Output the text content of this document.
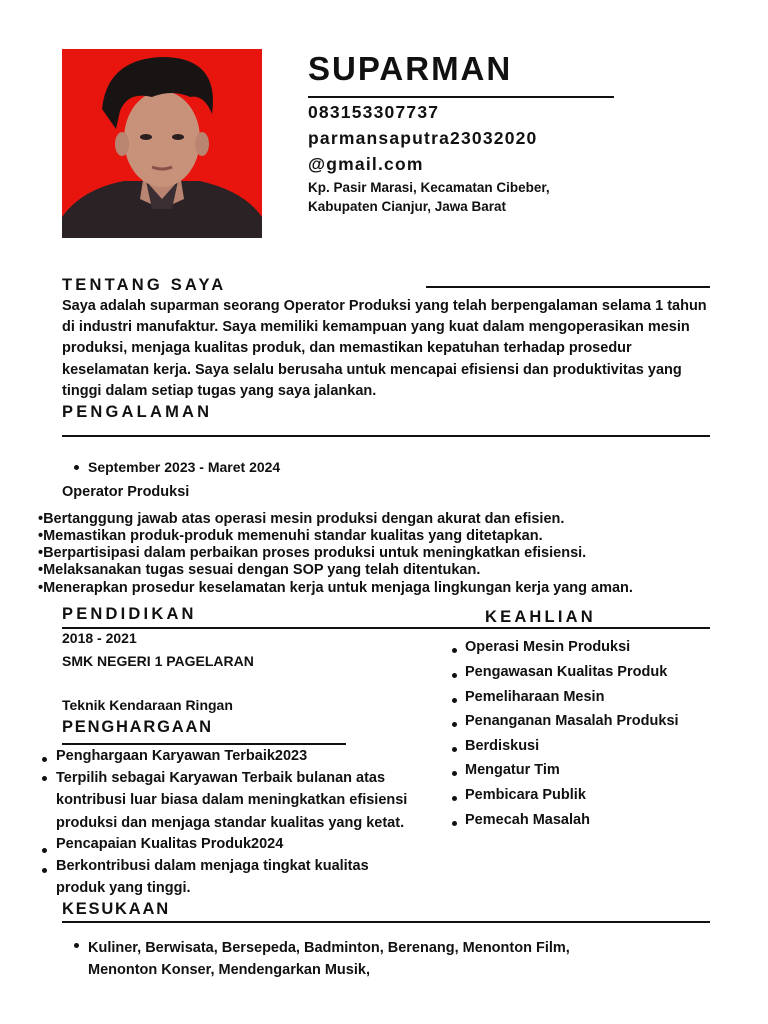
SUPARMAN
083153307737
parmansaputra23032020
@gmail.com
Kp. Pasir Marasi, Kecamatan Cibeber,
Kabupaten Cianjur, Jawa Barat
TENTANG SAYA
Saya adalah suparman seorang Operator Produksi yang telah berpengalaman selama 1 tahun di industri manufaktur. Saya memiliki kemampuan yang kuat dalam mengoperasikan mesin produksi, menjaga kualitas produk, dan memastikan kepatuhan terhadap prosedur keselamatan kerja. Saya selalu berusaha untuk mencapai efisiensi dan produktivitas yang tinggi dalam setiap tugas yang saya jalankan.
PENGALAMAN
September 2023 - Maret 2024
Operator Produksi
•Bertanggung jawab atas operasi mesin produksi dengan akurat dan efisien.
•Memastikan produk-produk memenuhi standar kualitas yang ditetapkan.
•Berpartisipasi dalam perbaikan proses produksi untuk meningkatkan efisiensi.
•Melaksanakan tugas sesuai dengan SOP yang telah ditentukan.
•Menerapkan prosedur keselamatan kerja untuk menjaga lingkungan kerja yang aman.
PENDIDIKAN
2018 - 2021
SMK NEGERI 1 PAGELARAN
Teknik Kendaraan Ringan
KEAHLIAN
Operasi Mesin Produksi
Pengawasan Kualitas Produk
Pemeliharaan Mesin
Penanganan Masalah Produksi
Berdiskusi
Mengatur Tim
Pembicara Publik
Pemecah Masalah
PENGHARGAAN
Penghargaan Karyawan Terbaik2023
Terpilih sebagai Karyawan Terbaik bulanan atas kontribusi luar biasa dalam meningkatkan efisiensi produksi dan menjaga standar kualitas yang ketat.
Pencapaian Kualitas Produk2024
Berkontribusi dalam menjaga tingkat kualitas produk yang tinggi.
KESUKAAN
Kuliner, Berwisata, Bersepeda, Badminton, Berenang, Menonton Film,
Menonton Konser, Mendengarkan Musik,
